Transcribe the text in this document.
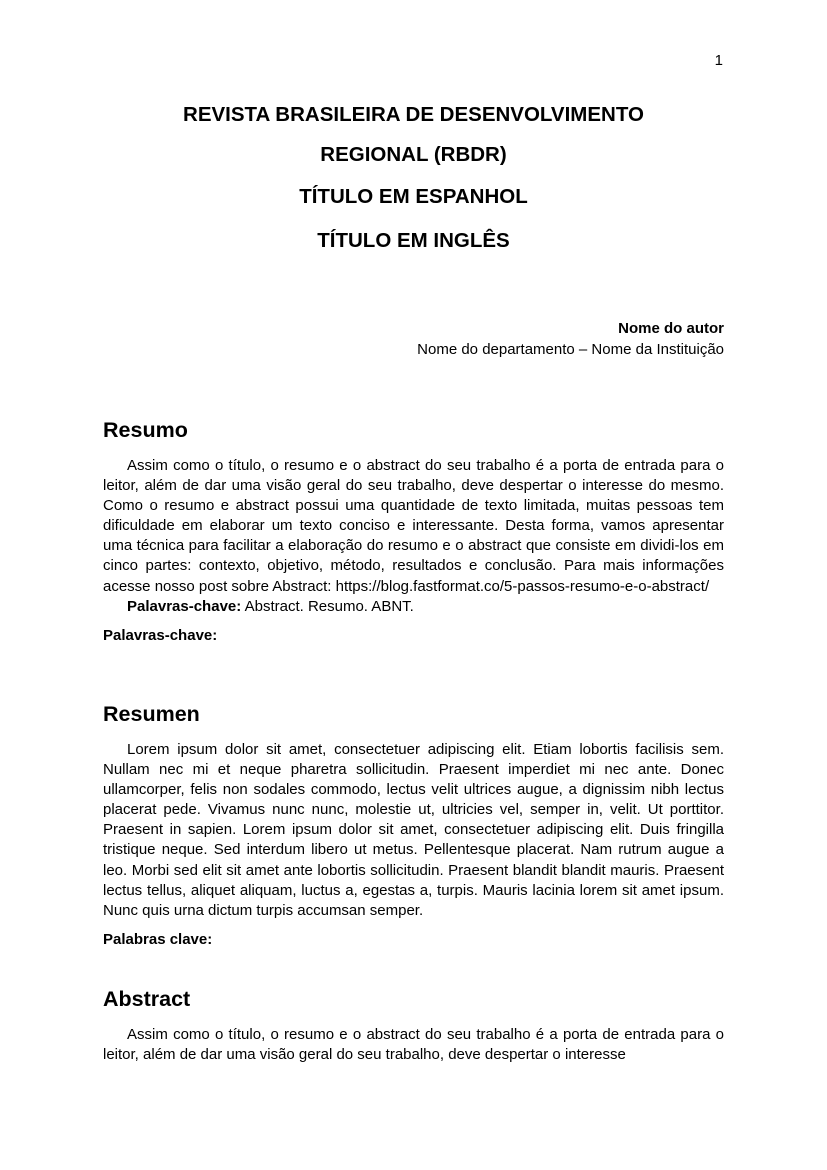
1
REVISTA BRASILEIRA DE DESENVOLVIMENTO
REGIONAL (RBDR)
TÍTULO EM ESPANHOL
TÍTULO EM INGLÊS
Nome do autor
Nome do departamento – Nome da Instituição
Resumo

Assim como o título, o resumo e o abstract do seu trabalho é a porta de entrada para o leitor, além de dar uma visão geral do seu trabalho, deve despertar o interesse do mesmo. Como o resumo e abstract possui uma quantidade de texto limitada, muitas pessoas tem dificuldade em elaborar um texto conciso e interessante. Desta forma, vamos apresentar uma técnica para facilitar a elaboração do resumo e o abstract que consiste em dividi-los em cinco partes: contexto, objetivo, método, resultados e conclusão. Para mais informações acesse nosso post sobre Abstract: https://blog.fastformat.co/5-passos-resumo-e-o-abstract/

Palavras-chave: Abstract. Resumo. ABNT.
Palavras-chave:
Resumen

Lorem ipsum dolor sit amet, consectetuer adipiscing elit. Etiam lobortis facilisis sem. Nullam nec mi et neque pharetra sollicitudin. Praesent imperdiet mi nec ante. Donec ullamcorper, felis non sodales commodo, lectus velit ultrices augue, a dignissim nibh lectus placerat pede. Vivamus nunc nunc, molestie ut, ultricies vel, semper in, velit. Ut porttitor. Praesent in sapien. Lorem ipsum dolor sit amet, consectetuer adipiscing elit. Duis fringilla tristique neque. Sed interdum libero ut metus. Pellentesque placerat. Nam rutrum augue a leo. Morbi sed elit sit amet ante lobortis sollicitudin. Praesent blandit blandit mauris. Praesent lectus tellus, aliquet aliquam, luctus a, egestas a, turpis. Mauris lacinia lorem sit amet ipsum. Nunc quis urna dictum turpis accumsan semper.

Palabras clave:
Abstract

Assim como o título, o resumo e o abstract do seu trabalho é a porta de entrada para o leitor, além de dar uma visão geral do seu trabalho, deve despertar o interesse
